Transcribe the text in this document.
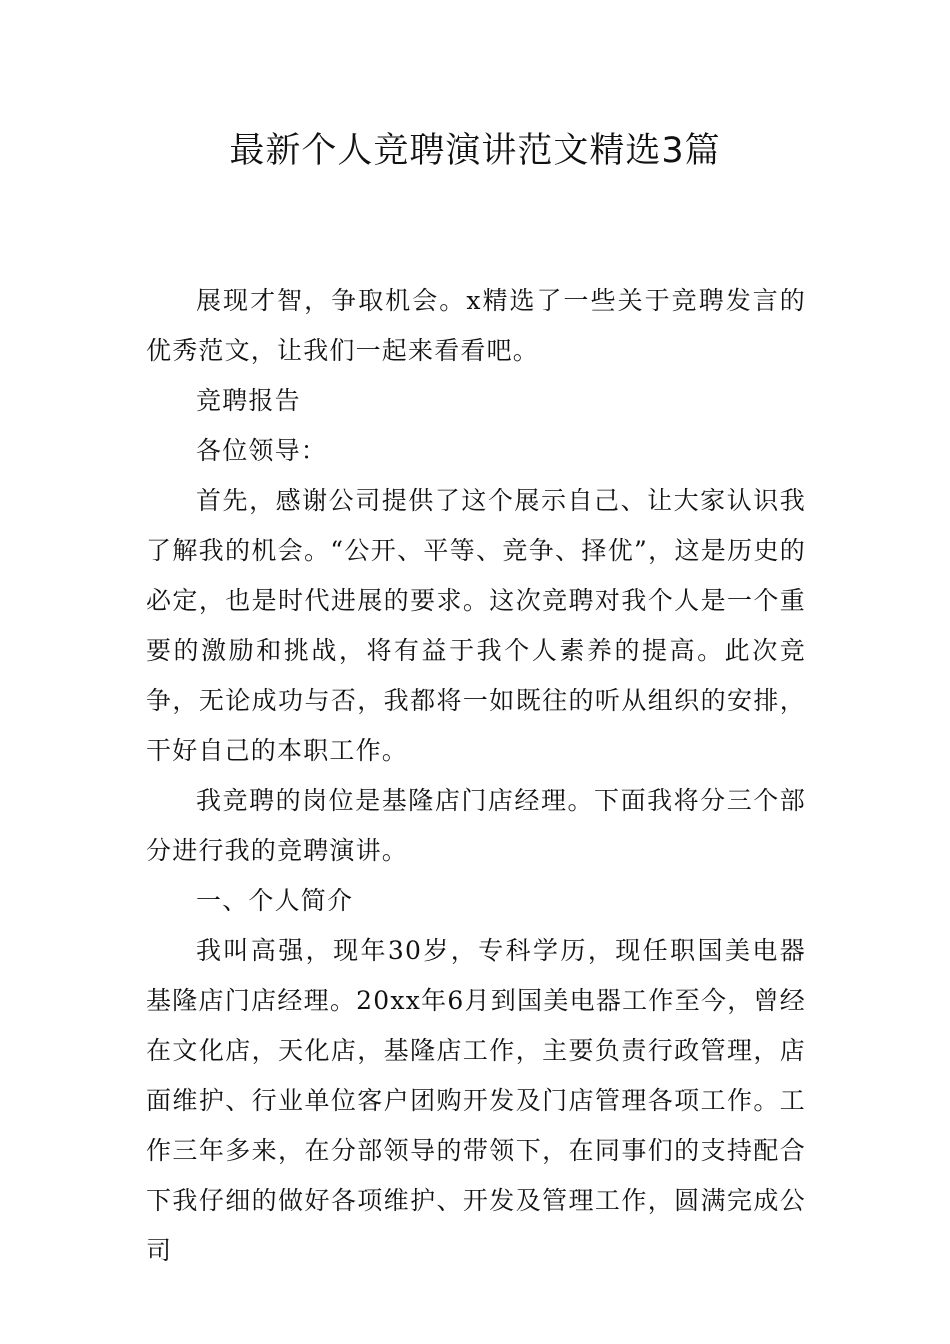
最新个人竞聘演讲范文精选3篇

展现才智，争取机会。x精选了一些关于竞聘发言的优秀范文，让我们一起来看看吧。

竞聘报告

各位领导：

首先，感谢公司提供了这个展示自己、让大家认识我了解我的机会。“公开、平等、竞争、择优”，这是历史的必定，也是时代进展的要求。这次竞聘对我个人是一个重要的激励和挑战，将有益于我个人素养的提高。此次竞争，无论成功与否，我都将一如既往的听从组织的安排，干好自己的本职工作。

我竞聘的岗位是基隆店门店经理。下面我将分三个部分进行我的竞聘演讲。

一、个人简介

我叫高强，现年30岁，专科学历，现任职国美电器基隆店门店经理。20xx年6月到国美电器工作至今，曾经在文化店，天化店，基隆店工作，主要负责行政管理，店面维护、行业单位客户团购开发及门店管理各项工作。工作三年多来，在分部领导的带领下，在同事们的支持配合下我仔细的做好各项维护、开发及管理工作，圆满完成公司
